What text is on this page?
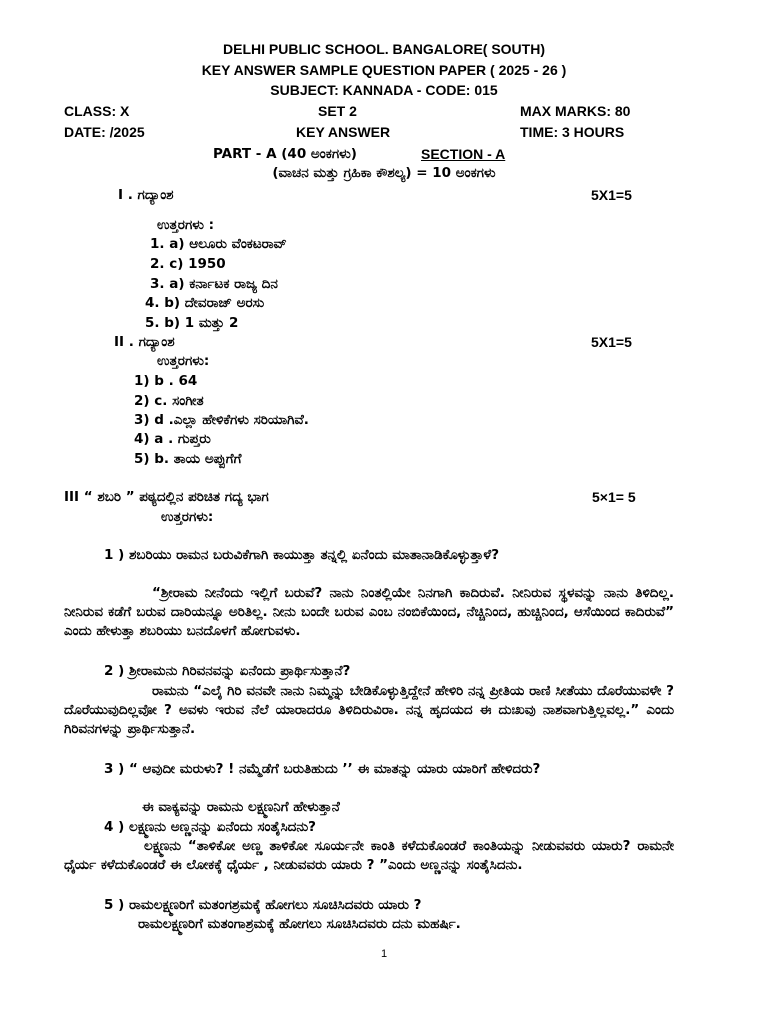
DELHI PUBLIC SCHOOL. BANGALORE( SOUTH)
KEY ANSWER SAMPLE QUESTION PAPER ( 2025 - 26 )
SUBJECT: KANNADA - CODE: 015
CLASS: X	SET 2	MAX MARKS: 80
DATE: /2025	KEY ANSWER	TIME: 3 HOURS
PART - A (40 ಅಂಕಗಳು)	SECTION - A
(ವಾಚನ ಮತ್ತು ಗ್ರಹಿಕಾ ಕೌಶಲ್ಯ) = 10 ಅಂಕಗಳು
I . ಗದ್ಯಾಂಶ	5X1=5
ಉತ್ತರಗಳು :
1. a) ಆಲೂರು ವೆಂಕಟರಾವ್
2. c) 1950
3. a) ಕರ್ನಾಟಕ ರಾಜ್ಯ ದಿನ
4. b) ದೇವರಾಜ್ ಅರಸು
5. b) 1 ಮತ್ತು 2
II . ಗದ್ಯಾಂಶ	5X1=5
ಉತ್ತರಗಳು:
1) b . 64
2) c. ಸಂಗೀತ
3) d .ಎಲ್ಲಾ ಹೇಳಿಕೆಗಳು ಸರಿಯಾಗಿವೆ.
4) a . ಗುಪ್ತರು
5) b. ತಾಯ ಅಪ್ಪುಗೆಗೆ
III “ ಶಬರಿ ” ಪಠ್ಯದಲ್ಲಿನ ಪರಿಚಿತ ಗದ್ಯ ಭಾಗ	5×1= 5
ಉತ್ತರಗಳು:
1 ) ಶಬರಿಯು ರಾಮನ ಬರುವಿಕೆಗಾಗಿ ಕಾಯುತ್ತಾ ತನ್ನಲ್ಲಿ ಏನೆಂದು ಮಾತಾನಾಡಿಕೊಳ್ಳುತ್ತಾಳೆ?
“ಶ್ರೀರಾಮ ನೀನೆಂದು ಇಲ್ಲಿಗೆ ಬರುವೆ? ನಾನು ನಿಂತಲ್ಲಿಯೇ ನಿನಗಾಗಿ ಕಾದಿರುವೆ. ನೀನಿರುವ ಸ್ಥಳವನ್ನು ನಾನು ತಿಳಿದಿಲ್ಲ. ನೀನಿರುವ ಕಡೆಗೆ ಬರುವ ದಾರಿಯನ್ನೂ ಅರಿತಿಲ್ಲ. ನೀನು ಬಂದೇ ಬರುವ ಎಂಬ ನಂಬಿಕೆಯಿಂದ, ನೆಚ್ಚಿನಿಂದ, ಹುಚ್ಚಿನಿಂದ, ಆಸೆಯಿಂದ ಕಾದಿರುವೆ” ಎಂದು ಹೇಳುತ್ತಾ ಶಬರಿಯು ಬನದೊಳಗೆ ಹೋಗುವಳು.
2 ) ಶ್ರೀರಾಮನು ಗಿರಿವನವನ್ನು ಏನೆಂದು ಪ್ರಾರ್ಥಿಸುತ್ತಾನೆ?
ರಾಮನು “ಎಲೈ ಗಿರಿ ವನವೇ ನಾನು ನಿಮ್ಮನ್ನು ಬೇಡಿಕೊಳ್ಳುತ್ತಿದ್ದೇನೆ ಹೇಳಿರಿ ನನ್ನ ಪ್ರೀತಿಯ ರಾಣಿ ಸೀತೆಯು ದೊರೆಯುವಳೇ ? ದೊರೆಯುವುದಿಲ್ಲವೋ ? ಅವಳು ಇರುವ ನೆಲೆ ಯಾರಾದರೂ ತಿಳಿದಿರುವಿರಾ. ನನ್ನ ಹೃದಯದ ಈ ದುಃಖವು ನಾಶವಾಗುತ್ತಿಲ್ಲವಲ್ಲ.” ಎಂದು ಗಿರಿವನಗಳನ್ನು ಪ್ರಾರ್ಥಿಸುತ್ತಾನೆ.
3 ) “ ಆವುದೀ ಮರುಳು? ! ನಮ್ಮೆಡೆಗೆ ಬರುತಿಹುದು ’’ ಈ ಮಾತನ್ನು ಯಾರು ಯಾರಿಗೆ ಹೇಳಿದರು?
ಈ ವಾಕ್ಯವನ್ನು ರಾಮನು ಲಕ್ಷ್ಮಣನಿಗೆ ಹೇಳುತ್ತಾನೆ
4 ) ಲಕ್ಷ್ಮಣನು ಅಣ್ಣನನ್ನು ಏನೆಂದು ಸಂತೈಸಿದನು?
ಲಕ್ಷ್ಮಣನು “ತಾಳಿಕೋ ಅಣ್ಣ ತಾಳಿಕೋ ಸೂರ್ಯನೇ ಕಾಂತಿ ಕಳೆದುಕೊಂಡರೆ ಕಾಂತಿಯನ್ನು ನೀಡುವವರು ಯಾರು? ರಾಮನೇ ಧೈರ್ಯ ಕಳೆದುಕೊಂಡರೆ ಈ ಲೋಕಕ್ಕೆ ಧೈರ್ಯ , ನೀಡುವವರು ಯಾರು ? ”ಎಂದು ಅಣ್ಣನನ್ನು ಸಂತೈಸಿದನು.
5 ) ರಾಮಲಕ್ಷ್ಮಣರಿಗೆ ಮತಂಗಶ್ರಮಕ್ಕೆ ಹೋಗಲು ಸೂಚಿಸಿದವರು ಯಾರು ?
ರಾಮಲಕ್ಷ್ಮಣರಿಗೆ ಮತಂಗಾಶ್ರಮಕ್ಕೆ ಹೋಗಲು ಸೂಚಿಸಿದವರು ದನು ಮಹರ್ಷಿ.
1
